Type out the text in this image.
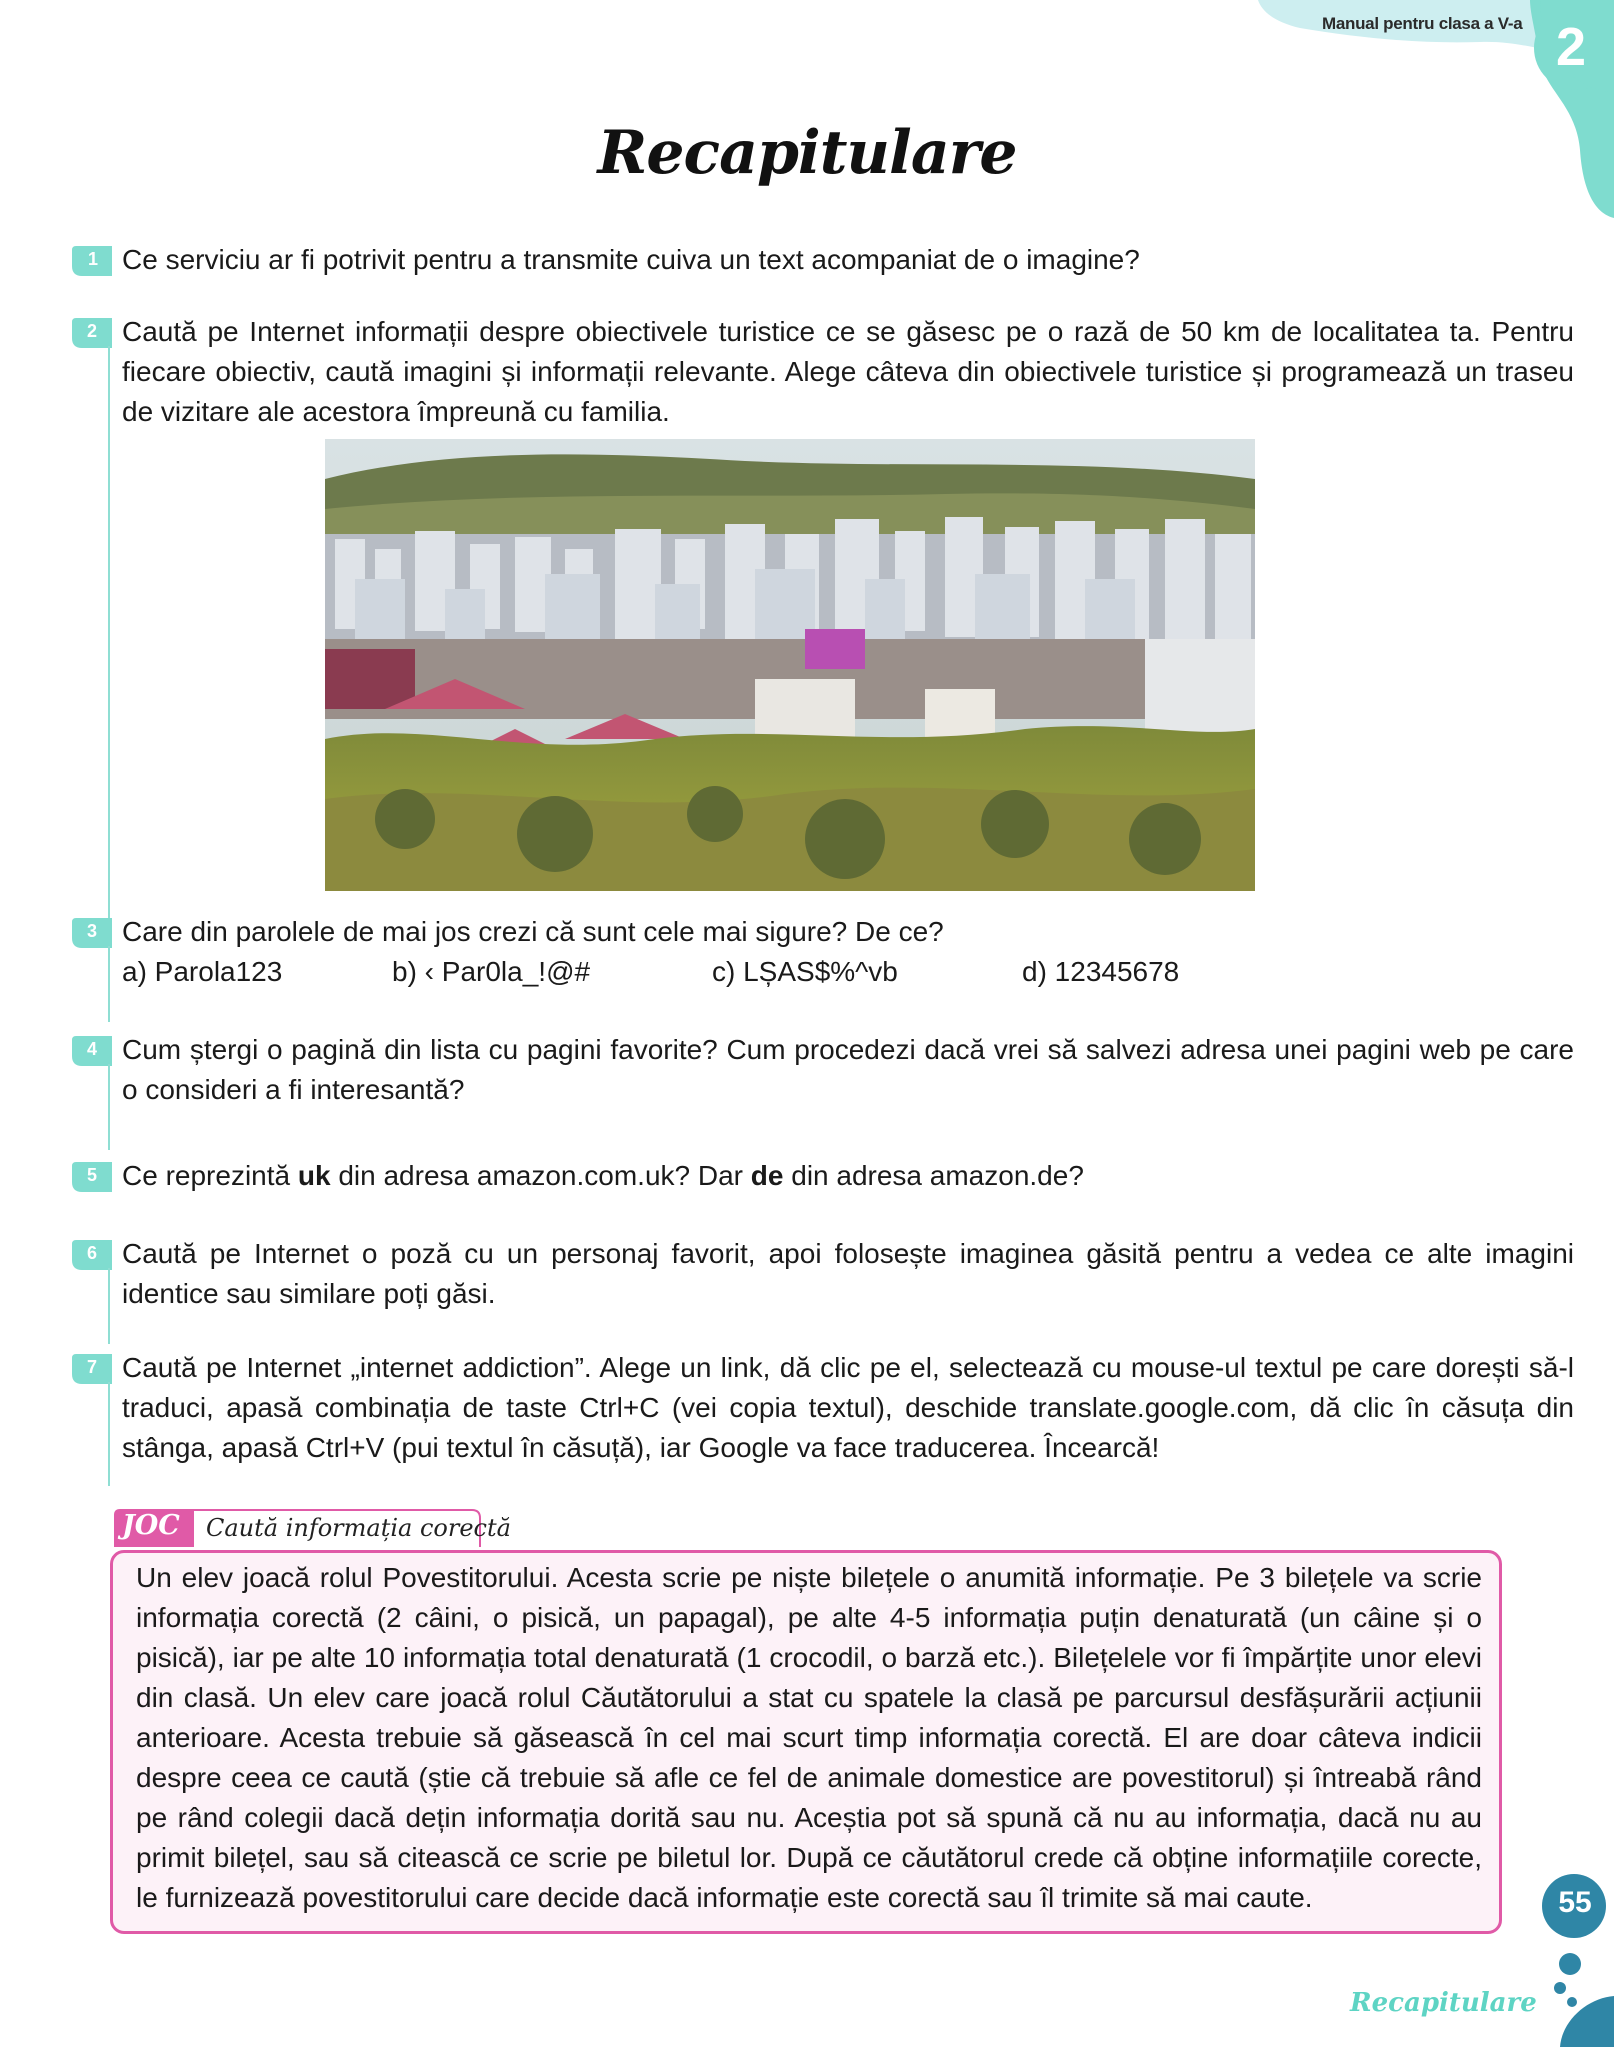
Manual pentru clasa a V-a 2
Recapitulare
1 Ce serviciu ar fi potrivit pentru a transmite cuiva un text acompaniat de o imagine?
2 Caută pe Internet informații despre obiectivele turistice ce se găsesc pe o rază de 50 km de localitatea ta. Pentru fiecare obiectiv, caută imagini și informații relevante. Alege câteva din obiectivele turistice și programează un traseu de vizitare ale acestora împreună cu familia.
3 Care din parolele de mai jos crezi că sunt cele mai sigure? De ce?
a) Parola123	b) ‹ Par0la_!@#	c) LȘAS$%^vb	d) 12345678
4 Cum ștergi o pagină din lista cu pagini favorite? Cum procedezi dacă vrei să salvezi adresa unei pagini web pe care o consideri a fi interesantă?
5 Ce reprezintă uk din adresa amazon.com.uk? Dar de din adresa amazon.de?
6 Caută pe Internet o poză cu un personaj favorit, apoi folosește imaginea găsită pentru a vedea ce alte imagini identice sau similare poți găsi.
7 Caută pe Internet „internet addiction”. Alege un link, dă clic pe el, selectează cu mouse-ul textul pe care dorești să-l traduci, apasă combinația de taste Ctrl+C (vei copia textul), deschide translate.google.com, dă clic în căsuța din stânga, apasă Ctrl+V (pui textul în căsuță), iar Google va face traducerea. Încearcă!
JOC Caută informația corectă
Un elev joacă rolul Povestitorului. Acesta scrie pe niște bilețele o anumită informație. Pe 3 bilețele va scrie informația corectă (2 câini, o pisică, un papagal), pe alte 4-5 informația puțin denaturată (un câine și o pisică), iar pe alte 10 informația total denaturată (1 crocodil, o barză etc.). Bilețelele vor fi împărțite unor elevi din clasă. Un elev care joacă rolul Căutătorului a stat cu spatele la clasă pe parcursul desfășurării acțiunii anterioare. Acesta trebuie să găsească în cel mai scurt timp informația corectă. El are doar câteva indicii despre ceea ce caută (știe că trebuie să afle ce fel de animale domestice are povestitorul) și întreabă rând pe rând colegii dacă dețin informația dorită sau nu. Aceștia pot să spună că nu au informația, dacă nu au primit bilețel, sau să citească ce scrie pe biletul lor. După ce căutătorul crede că obține informațiile corecte, le furnizează povestitorului care decide dacă informație este corectă sau îl trimite să mai caute.	55
Recapitulare
